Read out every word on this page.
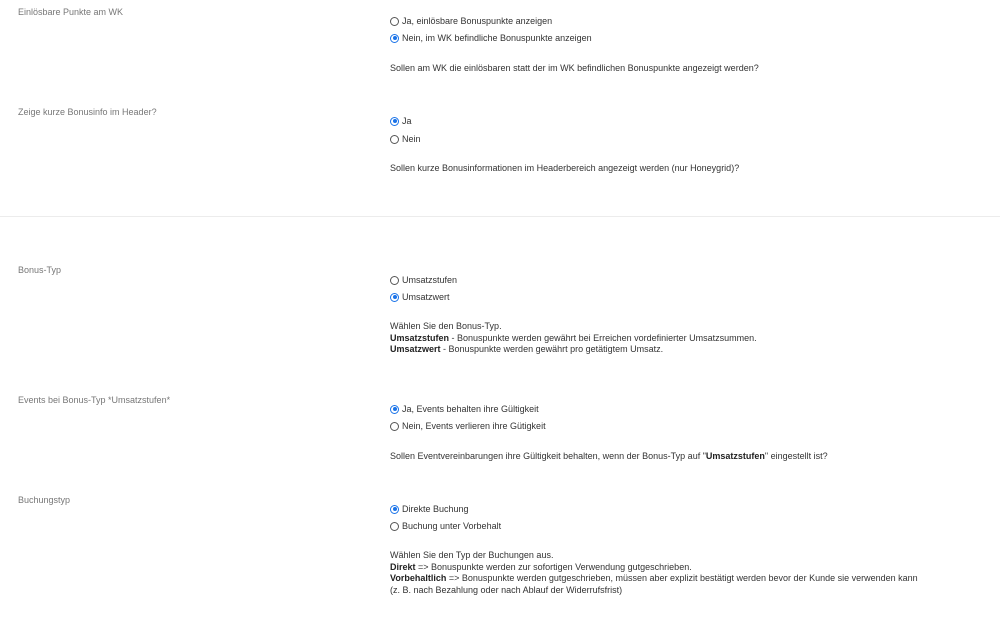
Einlösbare Punkte am WK
Ja, einlösbare Bonuspunkte anzeigen
Nein, im WK befindliche Bonuspunkte anzeigen
Sollen am WK die einlösbaren statt der im WK befindlichen Bonuspunkte angezeigt werden?
Zeige kurze Bonusinfo im Header?
Ja
Nein
Sollen kurze Bonusinformationen im Headerbereich angezeigt werden (nur Honeygrid)?
Bonus-Typ
Umsatzstufen
Umsatzwert
Wählen Sie den Bonus-Typ.
Umsatzstufen - Bonuspunkte werden gewährt bei Erreichen vordefinierter Umsatzsummen.
Umsatzwert - Bonuspunkte werden gewährt pro getätigtem Umsatz.
Events bei Bonus-Typ *Umsatzstufen*
Ja, Events behalten ihre Gültigkeit
Nein, Events verlieren ihre Gütigkeit
Sollen Eventvereinbarungen ihre Gültigkeit behalten, wenn der Bonus-Typ auf "Umsatzstufen" eingestellt ist?
Buchungstyp
Direkte Buchung
Buchung unter Vorbehalt
Wählen Sie den Typ der Buchungen aus.
Direkt => Bonuspunkte werden zur sofortigen Verwendung gutgeschrieben.
Vorbehaltlich => Bonuspunkte werden gutgeschrieben, müssen aber explizit bestätigt werden bevor der Kunde sie verwenden kann
(z. B. nach Bezahlung oder nach Ablauf der Widerrufsfrist)
